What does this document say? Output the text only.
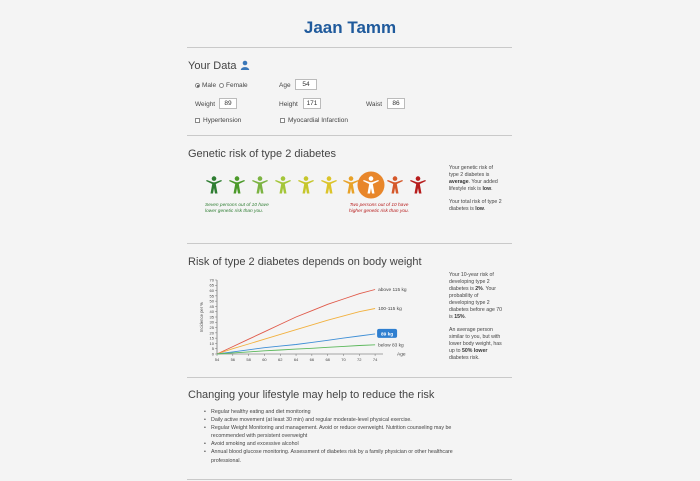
Jaan Tamm
Your Data
Male Female	Age	54
Weight	89	Height	171	Waist	86
Hypertension	Myocardial Infarction
Genetic risk of type 2 diabetes
Seven persons out of 10 have
lower genetic risk than you.
Two persons out of 10 have
higher genetic risk than you.
Your genetic risk of
type 2 diabetes is
average. Your added
lifestyle risk is low.
Your total risk of type 2
diabetes is low.
Risk of type 2 diabetes depends on body weight
0
5
10
15
20
25
30
35
40
45
50
55
60
65
70
54	56	58	60	62	64	66	68	70	72	74
Incidence per %
above 115 kg
100-115 kg
89 kg
below 83 kg
Age
Your 10-year risk of
developing type 2
diabetes is 2%. Your
probability of
developing type 2
diabetes before age 70
is 15%.
An average person
similar to you, but with
lower body weight, has
up to 50% lower
diabetes risk.
Changing your lifestyle may help to reduce the risk
• Regular healthy eating and diet monitoring
• Daily active movement (at least 30 min) and regular moderate-level physical exercise.
• Regular Weight Monitoring and management. Avoid or reduce overweight. Nutrition counseling may be recommended with persistent overweight
• Avoid smoking and excessive alcohol
• Annual blood glucose monitoring. Assessment of diabetes risk by a family physician or other healthcare professional.
